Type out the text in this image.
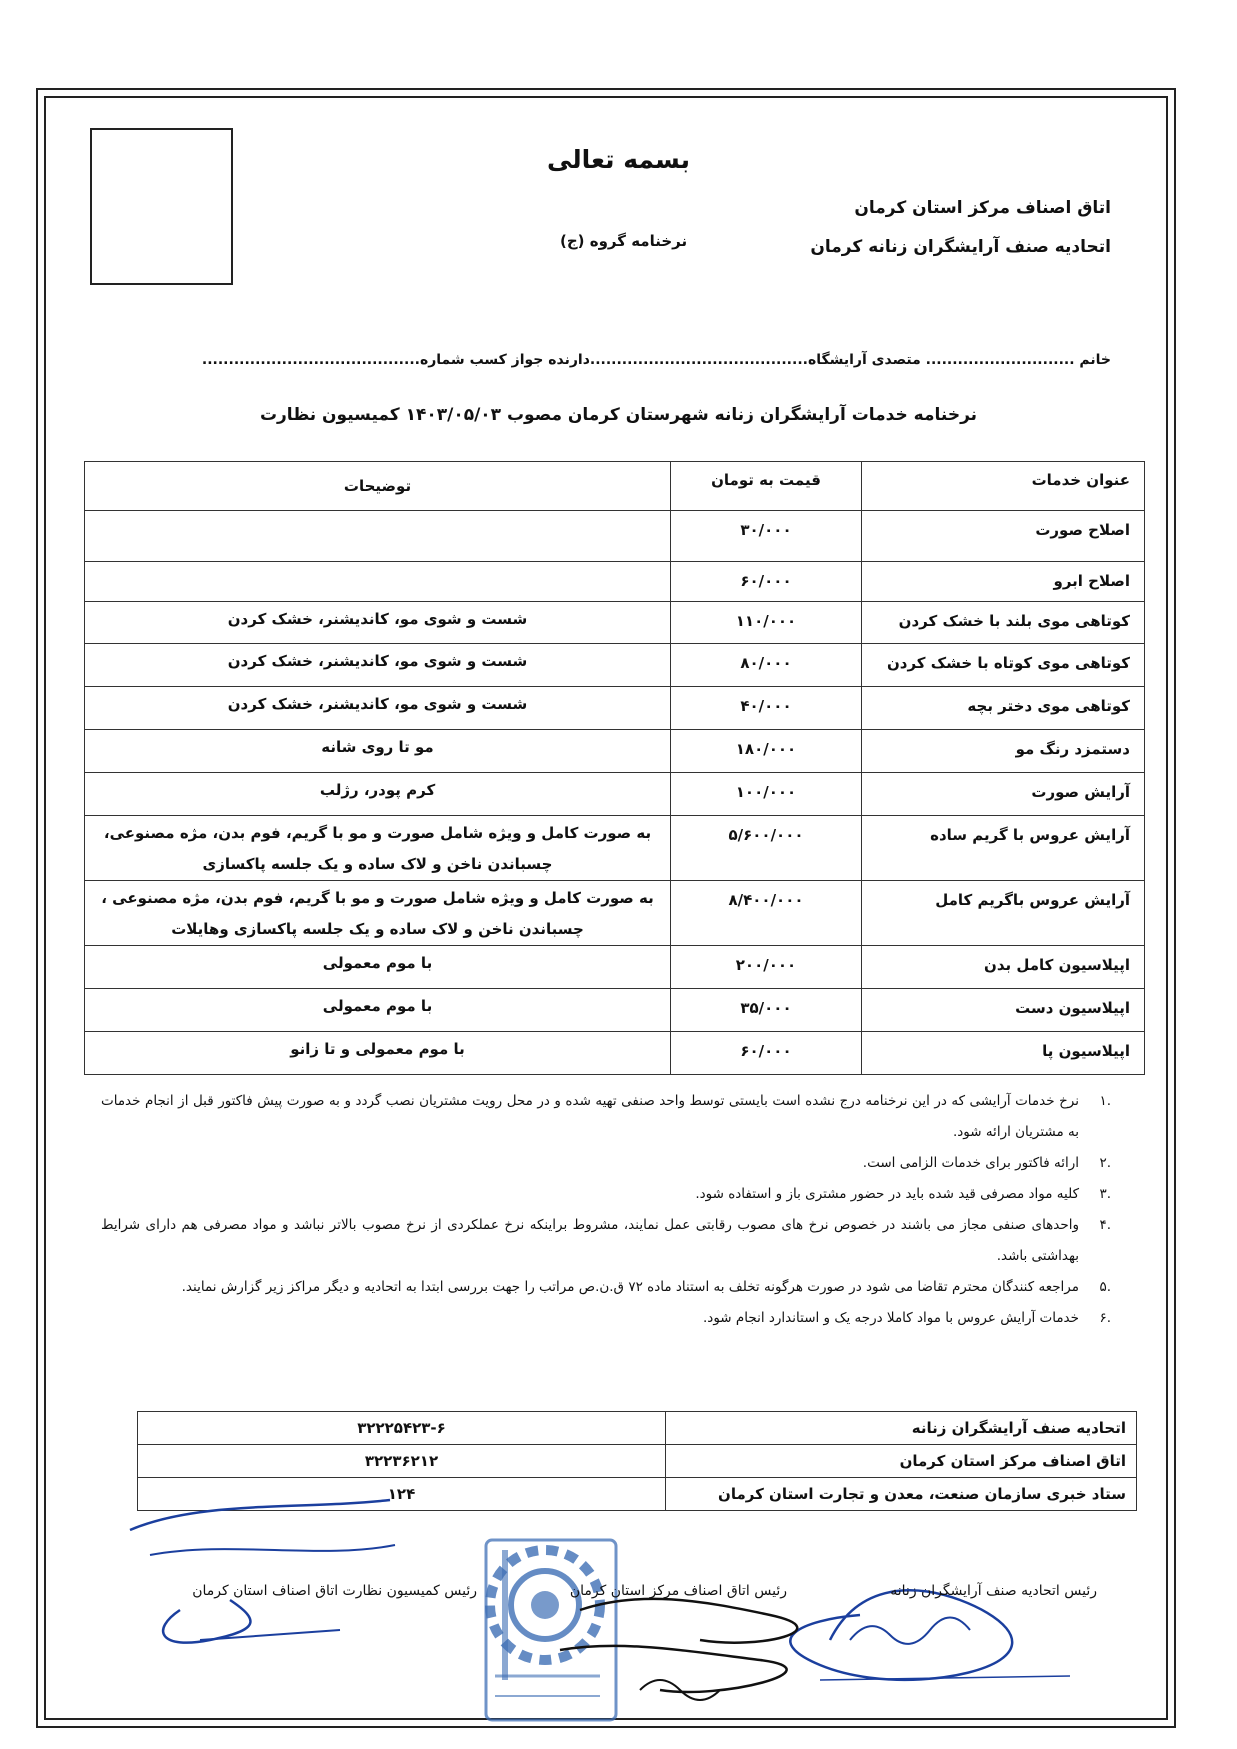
بسمه تعالی
اتاق اصناف مرکز استان کرمان
اتحادیه صنف آرایشگران زنانه کرمان
نرخنامه گروه (ج)
خانم ............................ متصدی آرایشگاه.........................................دارنده جواز کسب شماره.........................................
نرخنامه خدمات آرایشگران زنانه شهرستان کرمان مصوب ۱۴۰۳/۰۵/۰۳ کمیسیون نظارت
عنوان خدمات	قیمت به تومان	توضیحات
اصلاح صورت	۳۰/۰۰۰	
اصلاح ابرو	۶۰/۰۰۰	
کوتاهی موی بلند با خشک کردن	۱۱۰/۰۰۰	شست و شوی مو، کاندیشنر، خشک کردن
کوتاهی موی کوتاه با خشک کردن	۸۰/۰۰۰	شست و شوی مو، کاندیشنر، خشک کردن
کوتاهی موی دختر بچه	۴۰/۰۰۰	شست و شوی مو، کاندیشنر، خشک کردن
دستمزد رنگ مو	۱۸۰/۰۰۰	مو تا روی شانه
آرایش صورت	۱۰۰/۰۰۰	کرم پودر، رژلب
آرایش عروس با گریم ساده	۵/۶۰۰/۰۰۰	به صورت کامل و ویژه شامل صورت و مو با گریم، فوم بدن، مژه مصنوعی، چسباندن ناخن و لاک ساده و یک جلسه پاکسازی
آرایش عروس باگریم کامل	۸/۴۰۰/۰۰۰	به صورت کامل و ویژه شامل صورت و مو با گریم، فوم بدن، مژه مصنوعی ، چسباندن ناخن و لاک ساده و یک جلسه پاکسازی وهایلات
اپیلاسیون کامل بدن	۲۰۰/۰۰۰	با موم معمولی
اپیلاسیون دست	۳۵/۰۰۰	با موم معمولی
اپیلاسیون پا	۶۰/۰۰۰	با موم معمولی و تا زانو
.۱
نرخ خدمات آرایشی که در این نرخنامه درج نشده است بایستی توسط واحد صنفی تهیه شده و در محل رویت مشتریان نصب گردد و به صورت پیش فاکتور قبل از انجام خدمات به مشتریان ارائه شود.
.۲
ارائه فاکتور برای خدمات الزامی است.
.۳
کلیه مواد مصرفی قید شده باید در حضور مشتری باز و استفاده شود.
.۴
واحدهای صنفی مجاز می باشند در خصوص نرخ های مصوب رقابتی عمل نمایند، مشروط براینکه نرخ عملکردی از نرخ مصوب بالاتر نباشد و مواد مصرفی هم دارای شرایط بهداشتی باشد.
.۵
مراجعه کنندگان محترم تقاضا می شود در صورت هرگونه تخلف به استناد ماده ۷۲ ق.ن.ص مراتب را جهت بررسی ابتدا به اتحادیه و دیگر مراکز زیر گزارش نمایند.
.۶
خدمات آرایش عروس با مواد کاملا درجه یک و استاندارد انجام شود.
اتحادیه صنف آرایشگران زنانه	۳۲۲۲۵۴۲۳-۶
اتاق اصناف مرکز استان کرمان	۳۲۲۳۶۲۱۲
ستاد خبری سازمان صنعت، معدن و تجارت استان کرمان	۱۲۴
رئیس اتحادیه صنف آرایشگران زنانه
رئیس اتاق اصناف مرکز استان کرمان
رئیس کمیسیون نظارت اتاق اصناف استان کرمان
